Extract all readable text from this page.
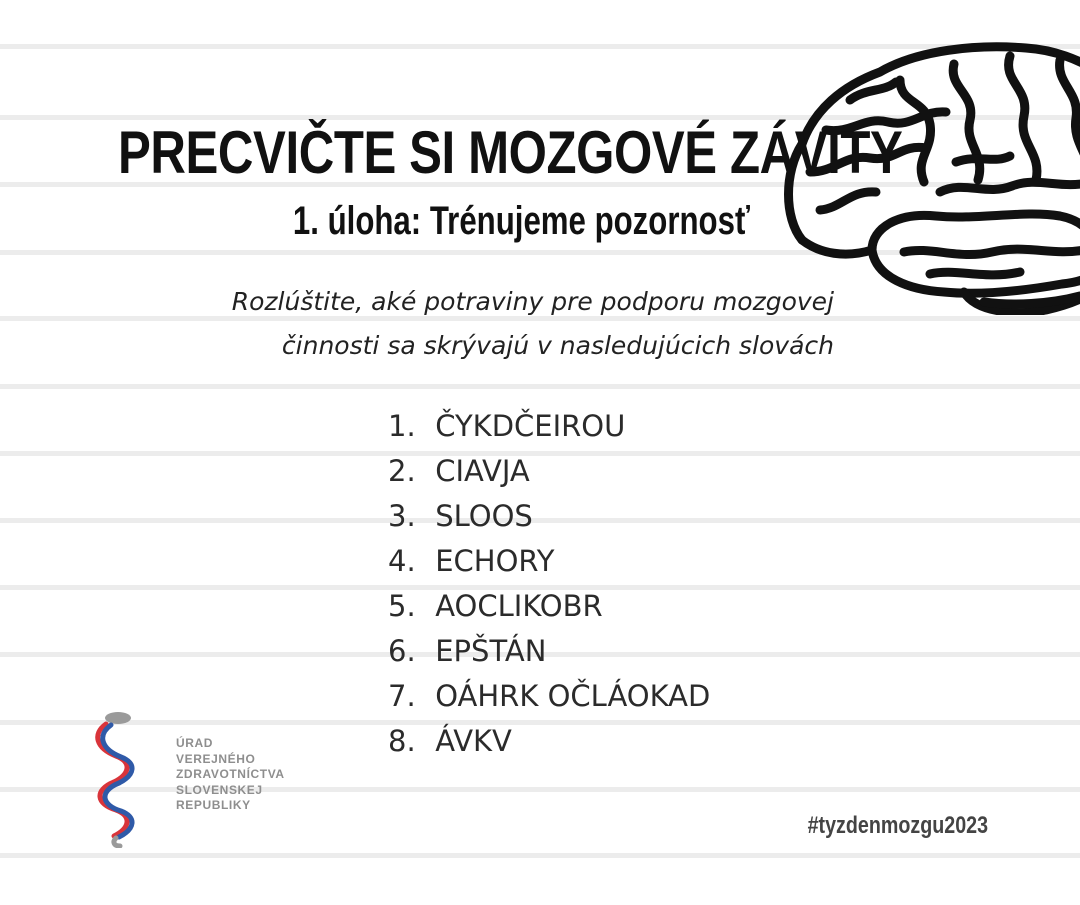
PRECVIČTE SI MOZGOVÉ ZÁVITY
1. úloha: Trénujeme pozornosť

Rozlúštite, aké potraviny pre podporu mozgovej
činnosti sa skrývajú v nasledujúcich slovách

1. ČYKDČEIROU
2. CIAVJA
3. SLOOS
4. ECHORY
5. AOCLIKOBR
6. EPŠTÁN
7. OÁHRK OČLÁOKAD
8. ÁVKV

ÚRAD
VEREJNÉHO
ZDRAVOTNÍCTVA
SLOVENSKEJ
REPUBLIKY

#tyzdenmozgu2023
